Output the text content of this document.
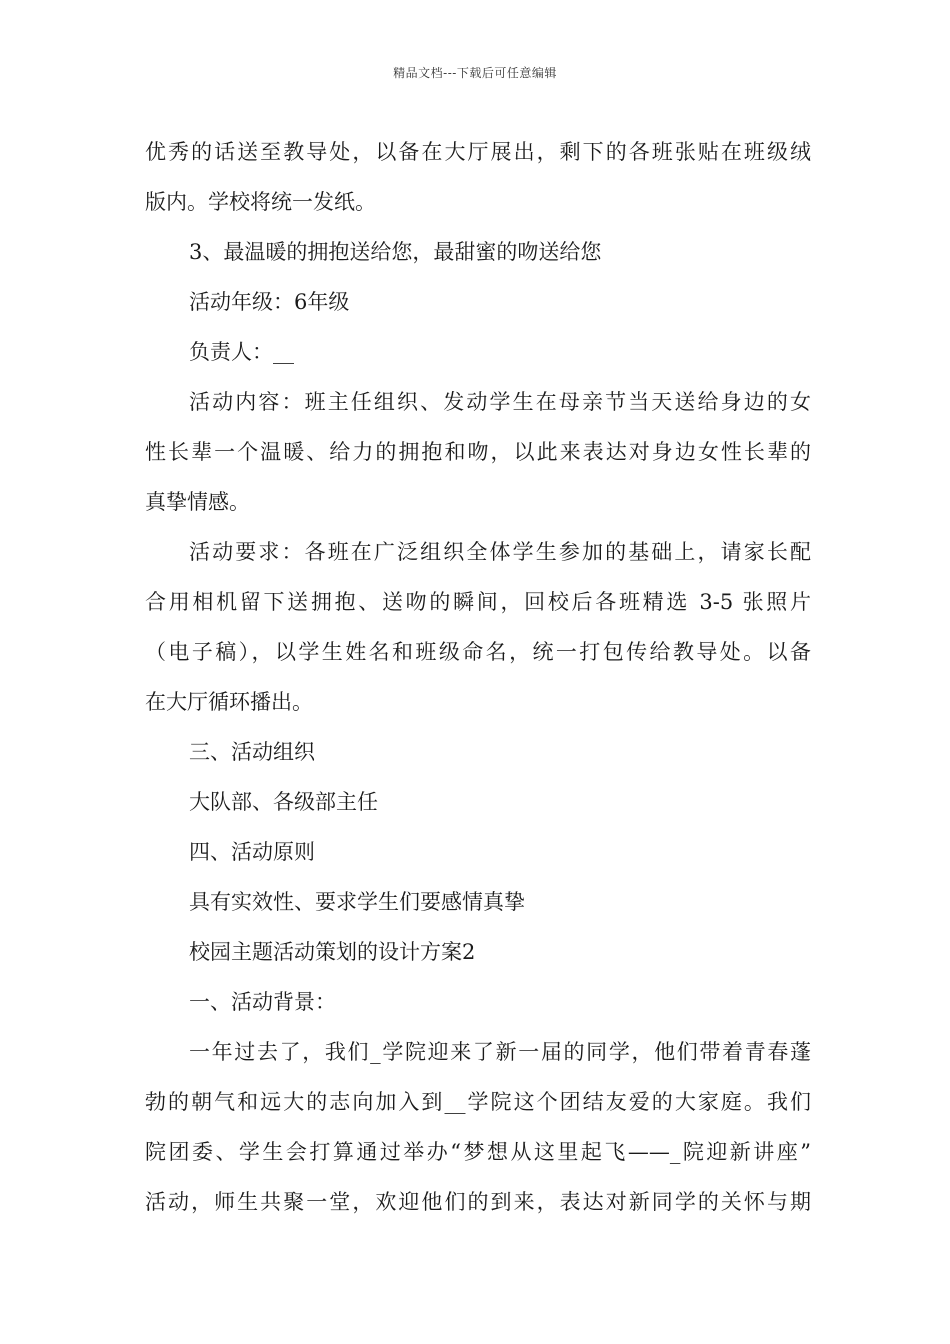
精品文档---下载后可任意编辑
优秀的话送至教导处，以备在大厅展出，剩下的各班张贴在班级绒
版内。学校将统一发纸。
3、最温暖的拥抱送给您，最甜蜜的吻送给您
活动年级：6年级
负责人：__
活动内容：班主任组织、发动学生在母亲节当天送给身边的女
性长辈一个温暖、给力的拥抱和吻，以此来表达对身边女性长辈的
真挚情感。
活动要求：各班在广泛组织全体学生参加的基础上，请家长配
合用相机留下送拥抱、送吻的瞬间，回校后各班精选 3-5 张照片
（电子稿），以学生姓名和班级命名，统一打包传给教导处。以备
在大厅循环播出。
三、活动组织
大队部、各级部主任
四、活动原则
具有实效性、要求学生们要感情真挚
校园主题活动策划的设计方案2
一、活动背景：
一年过去了，我们_学院迎来了新一届的同学，他们带着青春蓬
勃的朝气和远大的志向加入到__学院这个团结友爱的大家庭。我们
院团委、学生会打算通过举办“梦想从这里起飞——_院迎新讲座”
活动，师生共聚一堂，欢迎他们的到来，表达对新同学的关怀与期
